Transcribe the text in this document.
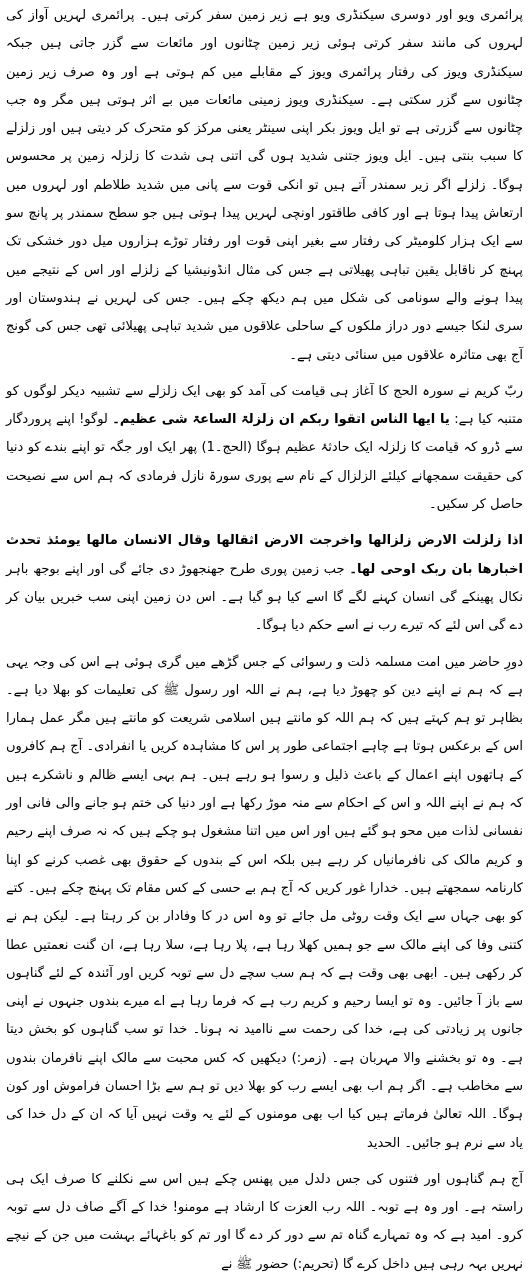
پرائمری ویو اور دوسری سیکنڈری ویو ہے زیر زمین سفر کرتی ہیں۔ پرائمری لہریں آواز کی لہروں کی مانند سفر کرتی ہوئی زیر زمین چٹانوں اور مائعات سے گزر جاتی ہیں جبکہ سیکنڈری ویوز کی رفتار پرائمری ویوز کے مقابلے میں کم ہوتی ہے اور وہ صرف زیر زمین چٹانوں سے گزر سکتی ہے۔ سیکنڈری ویوز زمینی مائعات میں بے اثر ہوتی ہیں مگر وہ جب چٹانوں سے گزرتی ہے تو ایل ویوز بکر اپنی سینٹر یعنی مرکز کو متحرک کر دیتی ہیں اور زلزلے کا سبب بنتی ہیں۔ ایل ویوز جتنی شدید ہوں گی اتنی ہی شدت کا زلزلہ زمین پر محسوس ہوگا۔ زلزلے اگر زیر سمندر آتے ہیں تو انکی قوت سے پانی میں شدید طلاطم اور لہروں میں ارتعاش پیدا ہوتا ہے اور کافی طاقتور اونچی لہریں پیدا ہوتی ہیں جو سطح سمندر پر پانچ سو سے ایک ہزار کلومیٹر کی رفتار سے بغیر اپنی قوت اور رفتار توڑے ہزاروں میل دور خشکی تک پہنچ کر ناقابل یقین تباہی پھیلاتی ہے جس کی مثال انڈونیشیا کے زلزلے اور اس کے نتیجے میں پیدا ہونے والے سونامی کی شکل میں ہم دیکھ چکے ہیں۔ جس کی لہریں نے ہندوستان اور سری لنکا جیسے دور دراز ملکوں کے ساحلی علاقوں میں شدید تباہی پھیلائی تھی جس کی گونج آج بھی متاثرہ علاقوں میں سنائی دیتی ہے۔

ربّ کریم نے سورہ الحج کا آغاز ہی قیامت کی آمد کو بھی ایک زلزلے سے تشبیہ دیکر لوگوں کو متنبہ کیا ہے: یا ایھا الناس اتقوا ربکم ان زلزلۃ الساعۃ شی عظیم۔ لوگو! اپنے پروردگار سے ڈرو کہ قیامت کا زلزلہ ایک حادثۂ عظیم ہوگا (الحج۔1) پھر ایک اور جگہ تو اپنے بندے کو دنیا کی حقیقت سمجھانے کیلئے الزلزال کے نام سے پوری سورۃ نازل فرمادی کہ ہم اس سے نصیحت حاصل کر سکیں۔

اذا زلزلت الارض زلزالھا واخرجت الارض اثقالھا وقال الانسان مالھا یومئذ تحدث اخبارھا بان ربک اوحی لھا۔ جب زمین پوری طرح جھنجھوڑ دی جائے گی اور اپنے بوجھ باہر نکال پھینکے گی انسان کہنے لگے گا اسے کیا ہو گیا ہے۔ اس دن زمین اپنی سب خبریں بیان کر دے گی اس لئے کہ تیرے رب نے اسے حکم دیا ہوگا۔

دورِ حاضر میں امت مسلمہ ذلت و رسوائی کے جس گڑھے میں گری ہوئی ہے اس کی وجہ یہی ہے کہ ہم نے اپنے دین کو چھوڑ دیا ہے، ہم نے اللہ اور رسول ﷺ کی تعلیمات کو بھلا دیا ہے۔ بظاہر تو ہم کہتے ہیں کہ ہم اللہ کو مانتے ہیں اسلامی شریعت کو مانتے ہیں مگر عمل ہمارا اس کے برعکس ہوتا ہے چاہے اجتماعی طور پر اس کا مشاہدہ کریں یا انفرادی۔ آج ہم کافروں کے ہاتھوں اپنے اعمال کے باعث ذلیل و رسوا ہو رہے ہیں۔ ہم بہی ایسے ظالم و ناشکرے ہیں کہ ہم نے اپنے اللہ و اس کے احکام سے منہ موڑ رکھا ہے اور دنیا کی ختم ہو جانے والی فانی اور نفسانی لذات میں محو ہو گئے ہیں اور اس میں اتنا مشغول ہو چکے ہیں کہ نہ صرف اپنے رحیم و کریم مالک کی نافرمانیاں کر رہے ہیں بلکہ اس کے بندوں کے حقوق بھی غصب کرنے کو اپنا کارنامہ سمجھتے ہیں۔ خدارا غور کریں کہ آج ہم بے حسی کے کس مقام تک پہنچ چکے ہیں۔ کتے کو بھی جہاں سے ایک وقت روٹی مل جائے تو وہ اس در کا وفادار بن کر رہتا ہے۔ لیکن ہم نے کتنی وفا کی اپنے مالک سے جو ہمیں کھلا رہا ہے، پلا رہا ہے، سلا رہا ہے، ان گنت نعمتیں عطا کر رکھی ہیں۔ ابھی بھی وقت ہے کہ ہم سب سچے دل سے توبہ کریں اور آئندہ کے لئے گناہوں سے باز آ جائیں۔ وہ تو ایسا رحیم و کریم رب ہے کہ فرما رہا ہے اے میرے بندوں جنہوں نے اپنی جانوں پر زیادتی کی ہے، خدا کی رحمت سے ناامید نہ ہونا۔ خدا تو سب گناہوں کو بخش دیتا ہے۔ وہ تو بخشنے والا مہربان ہے۔ (زمر:) دیکھیں کہ کس محبت سے مالک اپنے نافرمان بندوں سے مخاطب ہے۔ اگر ہم اب بھی ایسے رب کو بھلا دیں تو ہم سے بڑا احسان فراموش اور کون ہوگا۔ اللہ تعالیٰ فرماتے ہیں کیا اب بھی مومنوں کے لئے یہ وقت نہیں آیا کہ ان کے دل خدا کی یاد سے نرم ہو جائیں۔ الحدید

آج ہم گناہوں اور فتنوں کی جس دلدل میں پھنس چکے ہیں اس سے نکلنے کا صرف ایک ہی راستہ ہے۔ اور وہ ہے توبہ۔ اللہ رب العزت کا ارشاد ہے مومنو! خدا کے آگے صاف دل سے توبہ کرو۔ امید ہے کہ وہ تمہارے گناہ تم سے دور کر دے گا اور تم کو باغہائے بہشت میں جن کے نیچے نہریں بہہ رہی ہیں داخل کرے گا (تحریم:) حضور ﷺ نے
